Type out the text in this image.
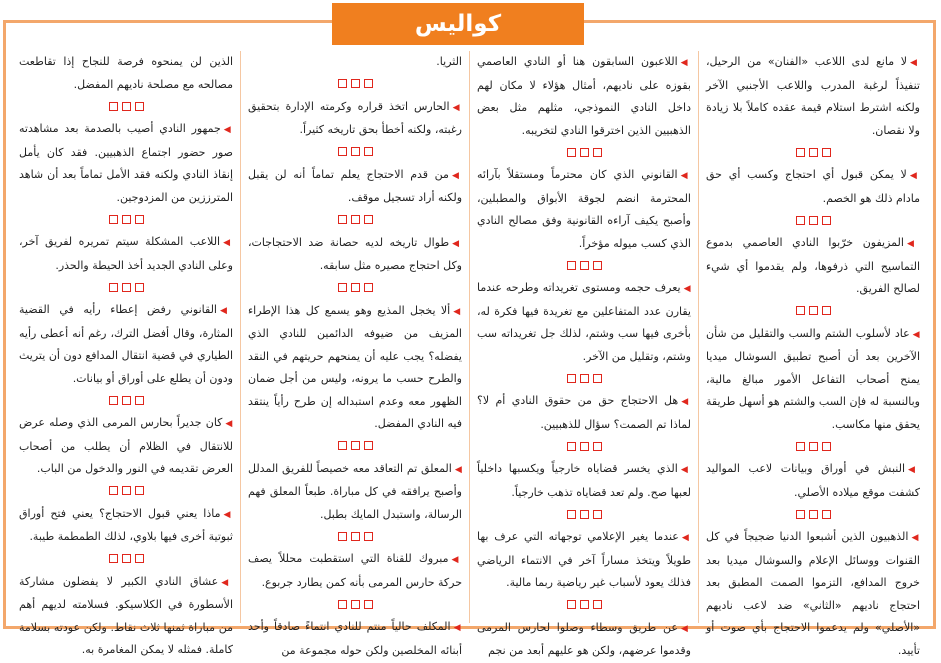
كواليس

◀لا مانع لدى اللاعب «الفنان» من الرحيل، تنفيذاً لرغبة المدرب واللاعب الأجنبي الآخر ولكنه اشترط استلام قيمة عقده كاملاً بلا زيادة ولا نقصان.

◀لا يمكن قبول أي احتجاج وكسب أي حق مادام ذلك هو الخصم.

◀المزيفون خرّبوا النادي العاصمي بدموع التماسيح التي ذرفوها، ولم يقدموا أي شيء لصالح الفريق.

◀عاد لأسلوب الشتم والسب والتقليل من شأن الآخرين بعد أن أصبح تطبيق السوشال ميديا يمنح أصحاب التفاعل الأمور مبالغ مالية، وبالنسبة له فإن السب والشتم هو أسهل طريقة يحقق منها مكاسب.

◀النبش في أوراق وبيانات لاعب المواليد كشفت موقع ميلاده الأصلي.

◀الذهبيون الذين أشبعوا الدنيا ضجيجاً في كل القنوات ووسائل الإعلام والسوشال ميديا بعد خروج المدافع، التزموا الصمت المطبق بعد احتجاج ناديهم «الثاني» ضد لاعب ناديهم «الأصلي» ولم يدعموا الاحتجاج بأي صوت أو تأييد.

◀اللاعبون السابقون هنا أو النادي العاصمي بقوزه على ناديهم، أمثال هؤلاء لا مكان لهم داخل النادي النموذجي، مثلهم مثل بعض الذهبيين الذين اخترقوا النادي لتخريبه.

◀القانوني الذي كان محترماً ومستقلاً بآرائه المحترمة انضم لجوقة الأبواق والمطبلين، وأصبح يكيف آراءه القانونية وفق مصالح النادي الذي كسب ميوله مؤخراً.

◀يعرف حجمه ومستوى تغريداته وطرحه عندما يقارن عدد المتفاعلين مع تغريدة فيها فكرة له، بأخرى فيها سب وشتم، لذلك جل تغريداته سب وشتم، وتقليل من الآخر.

◀هل الاحتجاج حق من حقوق النادي أم لا؟ لماذا تم الصمت؟ سؤال للذهبيين.

◀الذي يخسر قضاياه خارجياً ويكسبها داخلياً لعبها صح. ولم تعد قضاياه تذهب خارجياً.

◀عندما يغير الإعلامي توجهاته التي عرف بها طويلاً ويتخذ مساراً آخر في الانتماء الرياضي فذلك يعود لأسباب غير رياضية ربما مالية.

◀عن طريق وسطاء وصلوا لحارس المرمى وقدموا عرضهم، ولكن هو عليهم أبعد من نجم

الثريا.

◀الحارس اتخذ قراره وكرمته الإدارة بتحقيق رغبته، ولكنه أخطأ بحق تاريخه كثيراً.

◀من قدم الاحتجاج يعلم تماماً أنه لن يقبل ولكنه أراد تسجيل موقف.

◀طوال تاريخه لديه حصانة ضد الاحتجاجات، وكل احتجاج مصيره مثل سابقه.

◀ألا يخجل المذيع وهو يسمع كل هذا الإطراء المزيف من ضيوفه الدائمين للنادي الذي يفضله؟ يجب عليه أن يمنحهم حريتهم في النقد والطرح حسب ما يرونه، وليس من أجل ضمان الظهور معه وعدم استبداله إن طرح رأياً ينتقد فيه النادي المفضل.

◀المعلق تم التعاقد معه خصيصاً للفريق المدلل وأصبح يرافقه في كل مباراة. طبعاً المعلق فهم الرسالة، واستبدل المايك بطبل.

◀مبروك للقناة التي استقطبت محللاً يصف حركة حارس المرمى بأنه كمن يطارد جربوع.

◀المكلف حالياً منتم للنادي انتماءً صادقاً وأحد أبنائه المخلصين ولكن حوله مجموعة من

الذين لن يمنحوه فرصة للنجاح إذا تقاطعت مصالحه مع مصلحة ناديهم المفضل.

◀جمهور النادي أصيب بالصدمة بعد مشاهدته صور حضور اجتماع الذهبيين. فقد كان يأمل إنقاذ النادي ولكنه فقد الأمل تماماً بعد أن شاهد المترززين من المزدوجين.

◀اللاعب المشكلة سيتم تمريره لفريق آخر، وعلى النادي الجديد أخذ الحيطة والحذر.

◀القانوني رفض إعطاء رأيه في القضية المثارة، وقال أفضل الترك، رغم أنه أعطى رأيه الطياري في قضية انتقال المدافع دون أن يتريث ودون أن يطلع على أوراق أو بيانات.

◀كان جديراً بحارس المرمى الذي وصله عرض للانتقال في الظلام أن يطلب من أصحاب العرض تقديمه في النور والدخول من الباب.

◀ماذا يعني قبول الاحتجاج؟ يعني فتح أوراق ثبوتية أخرى فيها بلاوي، لذلك الطمطمة طيبة.

◀عشاق النادي الكبير لا يفضلون مشاركة الأسطورة في الكلاسيكو. فسلامته لديهم أهم من مباراة ثمنها ثلاث نقاط. ولكن عودته بسلامة كاملة. فمثله لا يمكن المغامرة به.
